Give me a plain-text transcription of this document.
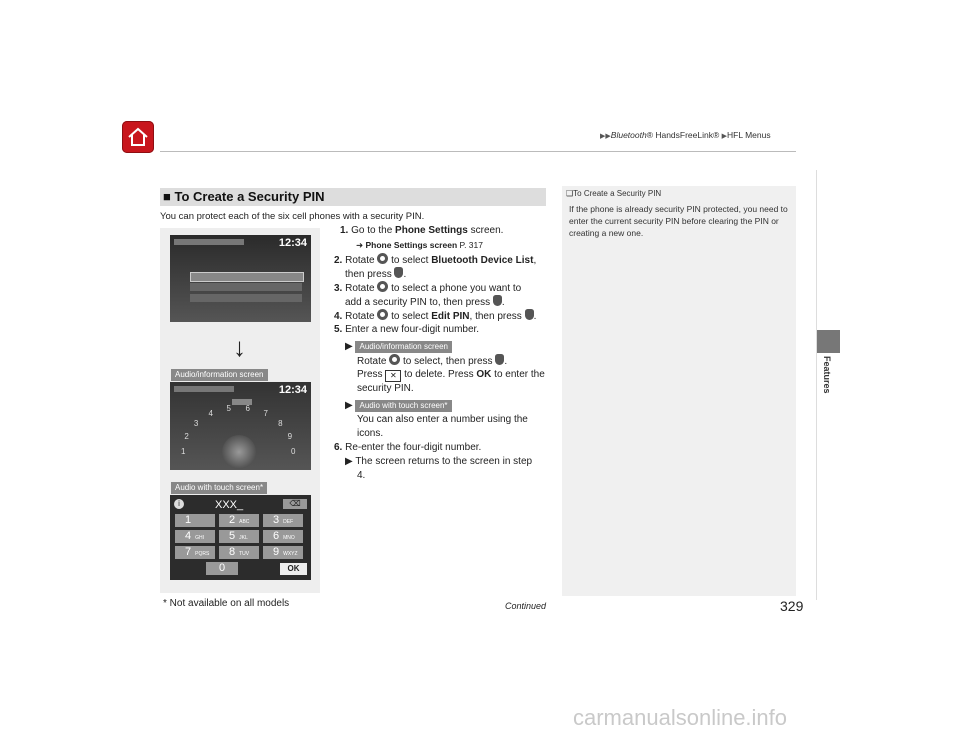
▶▶Bluetooth® HandsFreeLink® ▶HFL Menus
Features
■ To Create a Security PIN
You can protect each of the six cell phones with a security PIN.
12:34
↓
Audio/information screen
12:34
1
2
3
4
5 6
7
8
9
0
Audio with touch screen*
i	XXX_	⌫
1	2 ABC	3 DEF
4 GHI	5 JKL	6 MNO
7 PQRS	8 TUV	9 WXYZ
0	OK
1. Go to the Phone Settings screen.
➜ Phone Settings screen P. 317
2. Rotate  to select Bluetooth Device List,
then press .
3. Rotate  to select a phone you want to
add a security PIN to, then press .
4. Rotate  to select Edit PIN, then press .
5. Enter a new four-digit number.
▶ Audio/information screen
Rotate  to select, then press .
Press ✕ to delete. Press OK to enter the
security PIN.
▶ Audio with touch screen*
You can also enter a number using the
icons.
6. Re-enter the four-digit number.
▶ The screen returns to the screen in step
4.
❑To Create a Security PIN
If the phone is already security PIN protected, you need to enter the current security PIN before clearing the PIN or creating a new one.
* Not available on all models	Continued	329
carmanualsonline.info
